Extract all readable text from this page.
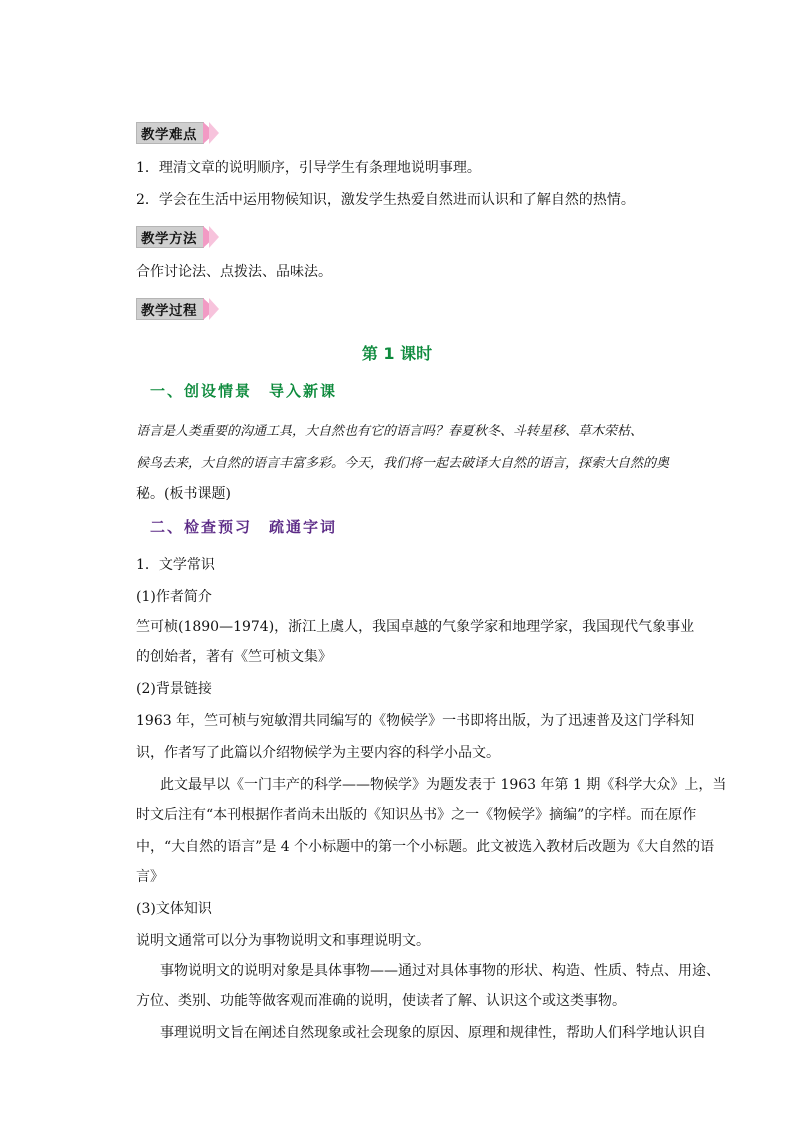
教学难点
1．理清文章的说明顺序，引导学生有条理地说明事理。
2．学会在生活中运用物候知识，激发学生热爱自然进而认识和了解自然的热情。
教学方法
合作讨论法、点拨法、品味法。
教学过程
第 1 课时
一、创设情景　导入新课
语言是人类重要的沟通工具，大自然也有它的语言吗？春夏秋冬、斗转星移、草木荣枯、
候鸟去来，大自然的语言丰富多彩。今天，我们将一起去破译大自然的语言，探索大自然的奥
秘。(板书课题)
二、检查预习　疏通字词
1．文学常识
(1)作者简介
竺可桢(1890—1974)，浙江上虞人，我国卓越的气象学家和地理学家，我国现代气象事业
的创始者，著有《竺可桢文集》
(2)背景链接
1963 年，竺可桢与宛敏渭共同编写的《物候学》一书即将出版，为了迅速普及这门学科知
识，作者写了此篇以介绍物候学为主要内容的科学小品文。
此文最早以《一门丰产的科学——物候学》为题发表于 1963 年第 1 期《科学大众》上，当
时文后注有“本刊根据作者尚未出版的《知识丛书》之一《物候学》摘编”的字样。而在原作
中，“大自然的语言”是 4 个小标题中的第一个小标题。此文被选入教材后改题为《大自然的语
言》
(3)文体知识
说明文通常可以分为事物说明文和事理说明文。
事物说明文的说明对象是具体事物——通过对具体事物的形状、构造、性质、特点、用途、
方位、类别、功能等做客观而准确的说明，使读者了解、认识这个或这类事物。
事理说明文旨在阐述自然现象或社会现象的原因、原理和规律性，帮助人们科学地认识自
